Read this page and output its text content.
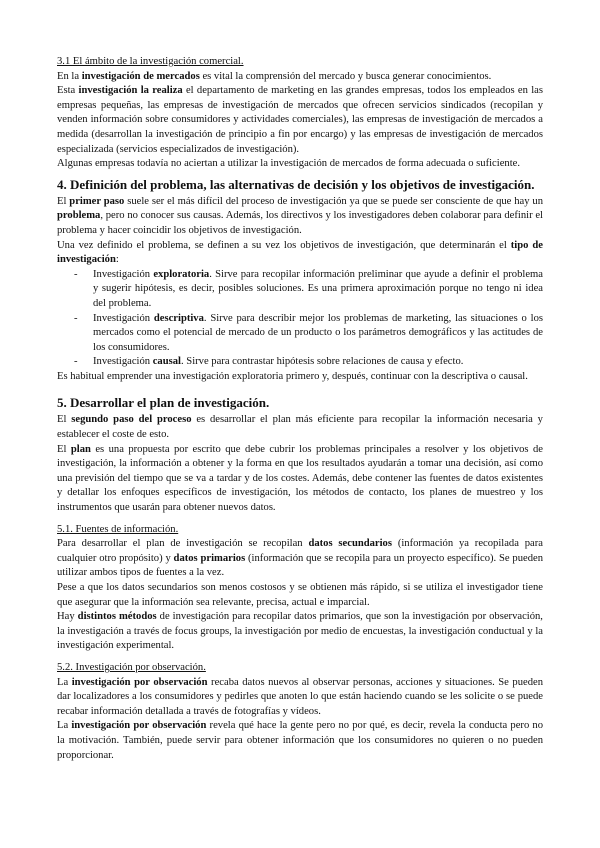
3.1 El ámbito de la investigación comercial.

En la investigación de mercados es vital la comprensión del mercado y busca generar conocimientos.

Esta investigación la realiza el departamento de marketing en las grandes empresas, todos los empleados en las empresas pequeñas, las empresas de investigación de mercados que ofrecen servicios sindicados (recopilan y venden información sobre consumidores y actividades comerciales), las empresas de investigación de mercados a medida (desarrollan la investigación de principio a fin por encargo) y las empresas de investigación de mercados especializada (servicios especializados de investigación).

Algunas empresas todavía no aciertan a utilizar la investigación de mercados de forma adecuada o suficiente.

4. Definición del problema, las alternativas de decisión y los objetivos de investigación.

El primer paso suele ser el más difícil del proceso de investigación ya que se puede ser consciente de que hay un problema, pero no conocer sus causas. Además, los directivos y los investigadores deben colaborar para definir el problema y hacer coincidir los objetivos de investigación.

Una vez definido el problema, se definen a su vez los objetivos de investigación, que determinarán el tipo de investigación:

- Investigación exploratoria. Sirve para recopilar información preliminar que ayude a definir el problema y sugerir hipótesis, es decir, posibles soluciones. Es una primera aproximación porque no tengo ni idea del problema.
- Investigación descriptiva. Sirve para describir mejor los problemas de marketing, las situaciones o los mercados como el potencial de mercado de un producto o los parámetros demográficos y las actitudes de los consumidores.
- Investigación causal. Sirve para contrastar hipótesis sobre relaciones de causa y efecto.

Es habitual emprender una investigación exploratoria primero y, después, continuar con la descriptiva o causal.

5. Desarrollar el plan de investigación.

El segundo paso del proceso es desarrollar el plan más eficiente para recopilar la información necesaria y establecer el coste de esto.

El plan es una propuesta por escrito que debe cubrir los problemas principales a resolver y los objetivos de investigación, la información a obtener y la forma en que los resultados ayudarán a tomar una decisión, así como una previsión del tiempo que se va a tardar y de los costes. Además, debe contener las fuentes de datos existentes y detallar los enfoques específicos de investigación, los métodos de contacto, los planes de muestreo y los instrumentos que usarán para obtener nuevos datos.

5.1. Fuentes de información.

Para desarrollar el plan de investigación se recopilan datos secundarios (información ya recopilada para cualquier otro propósito) y datos primarios (información que se recopila para un proyecto específico). Se pueden utilizar ambos tipos de fuentes a la vez.

Pese a que los datos secundarios son menos costosos y se obtienen más rápido, si se utiliza el investigador tiene que asegurar que la información sea relevante, precisa, actual e imparcial.

Hay distintos métodos de investigación para recopilar datos primarios, que son la investigación por observación, la investigación a través de focus groups, la investigación por medio de encuestas, la investigación conductual y la investigación experimental.

5.2. Investigación por observación.

La investigación por observación recaba datos nuevos al observar personas, acciones y situaciones. Se pueden dar localizadores a los consumidores y pedirles que anoten lo que están haciendo cuando se les solicite o se puede recabar información detallada a través de fotografías y vídeos.

La investigación por observación revela qué hace la gente pero no por qué, es decir, revela la conducta pero no la motivación. También, puede servir para obtener información que los consumidores no quieren o no pueden proporcionar.
